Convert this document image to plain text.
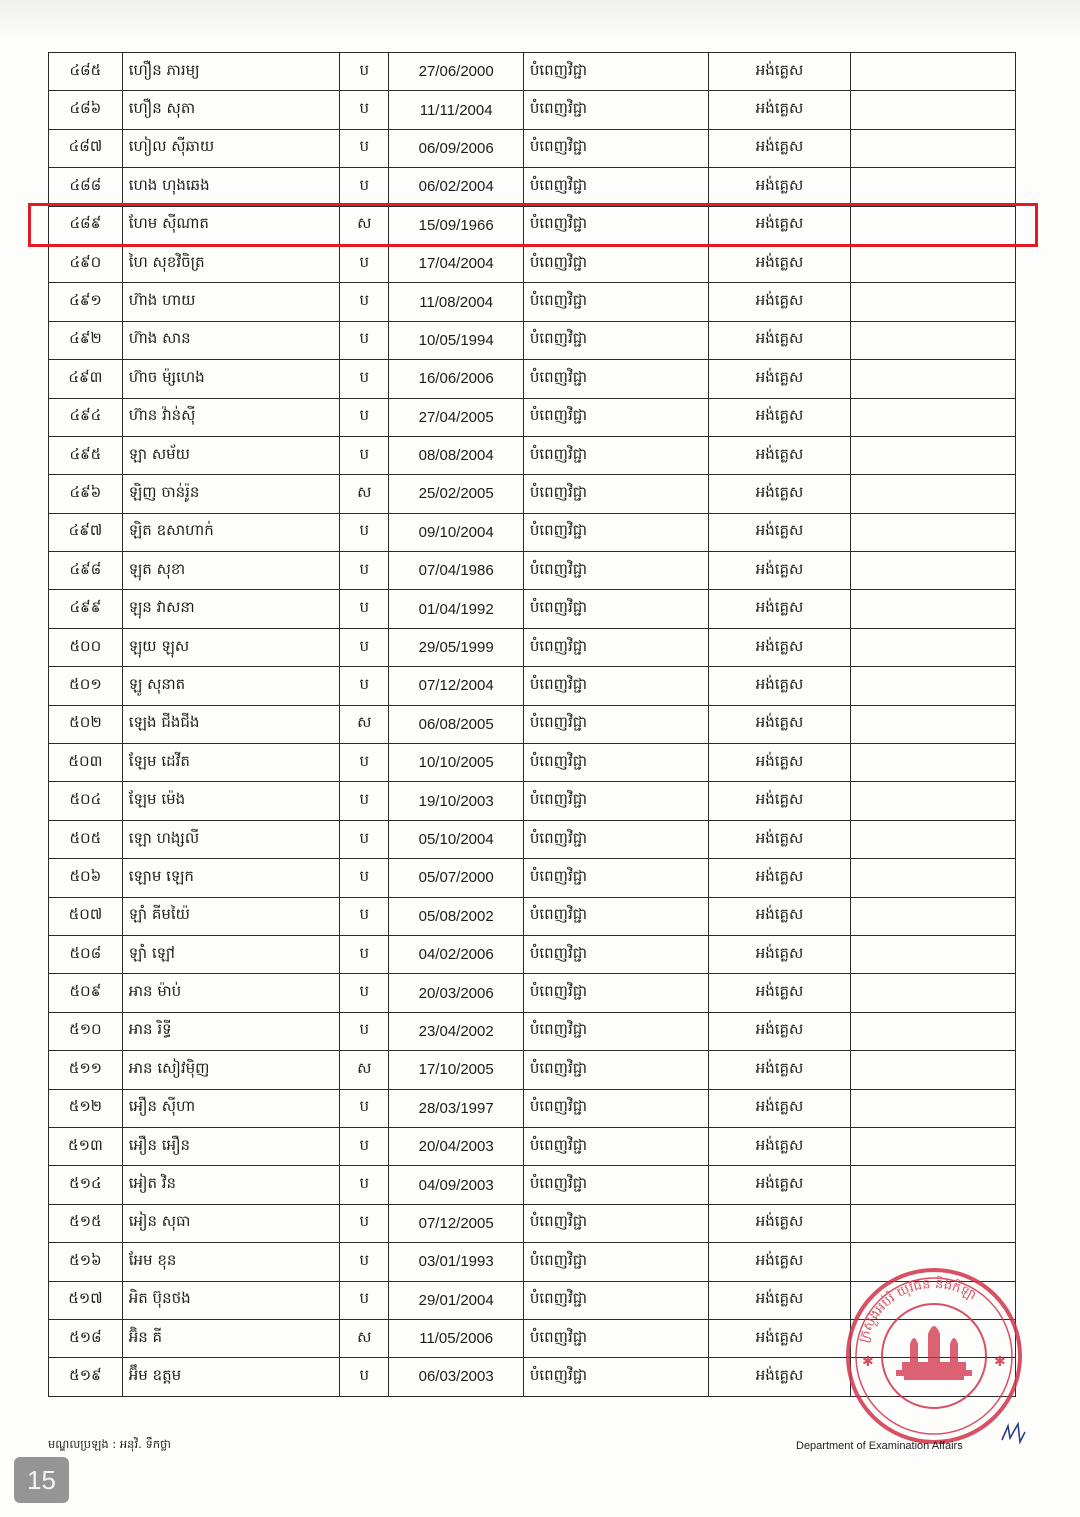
៤៨៥	ហឿន ភារម្យ	ប	27/06/2000	បំពេញវិជ្ជា	អង់គ្លេស	
៤៨៦	ហឿន សុតា	ប	11/11/2004	បំពេញវិជ្ជា	អង់គ្លេស	
៤៨៧	ហៀល ស៊ីឆាយ	ប	06/09/2006	បំពេញវិជ្ជា	អង់គ្លេស	
៤៨៨	ហេង ហុងឆេង	ប	06/02/2004	បំពេញវិជ្ជា	អង់គ្លេស	
៤៨៩	ហែម ស៊ីណាត	ស	15/09/1966	បំពេញវិជ្ជា	អង់គ្លេស	
៤៩០	ហៃ សុខវិចិត្រ	ប	17/04/2004	បំពេញវិជ្ជា	អង់គ្លេស	
៤៩១	ហ៊ាង ហាយ	ប	11/08/2004	បំពេញវិជ្ជា	អង់គ្លេស	
៤៩២	ហ៊ាង សាន	ប	10/05/1994	បំពេញវិជ្ជា	អង់គ្លេស	
៤៩៣	ហ៊ាច ម៉្សហេង	ប	16/06/2006	បំពេញវិជ្ជា	អង់គ្លេស	
៤៩៤	ហ៊ាន វ៉ាន់ស៊ី	ប	27/04/2005	បំពេញវិជ្ជា	អង់គ្លេស	
៤៩៥	ឡា សម័យ	ប	08/08/2004	បំពេញវិជ្ជា	អង់គ្លេស	
៤៩៦	ឡិញ ចាន់រ៉ូន	ស	25/02/2005	បំពេញវិជ្ជា	អង់គ្លេស	
៤៩៧	ឡិត ឧសាហាក់	ប	09/10/2004	បំពេញវិជ្ជា	អង់គ្លេស	
៤៩៨	ឡុត សុខា	ប	07/04/1986	បំពេញវិជ្ជា	អង់គ្លេស	
៤៩៩	ឡុន វាសនា	ប	01/04/1992	បំពេញវិជ្ជា	អង់គ្លេស	
៥០០	ឡុយ ឡុស	ប	29/05/1999	បំពេញវិជ្ជា	អង់គ្លេស	
៥០១	ឡូ សុនាត	ប	07/12/2004	បំពេញវិជ្ជា	អង់គ្លេស	
៥០២	ឡេង ជីងជីង	ស	06/08/2005	បំពេញវិជ្ជា	អង់គ្លេស	
៥០៣	ឡែម ដេវីត	ប	10/10/2005	បំពេញវិជ្ជា	អង់គ្លេស	
៥០៤	ឡែម ម៉េង	ប	19/10/2003	បំពេញវិជ្ជា	អង់គ្លេស	
៥០៥	ឡោ ហង្សលី	ប	05/10/2004	បំពេញវិជ្ជា	អង់គ្លេស	
៥០៦	ឡោម ឡេក	ប	05/07/2000	បំពេញវិជ្ជា	អង់គ្លេស	
៥០៧	ឡាំ គីមយ៉ៃ	ប	05/08/2002	បំពេញវិជ្ជា	អង់គ្លេស	
៥០៨	ឡាំ ឡៅ	ប	04/02/2006	បំពេញវិជ្ជា	អង់គ្លេស	
៥០៩	អាន ម៉ាប់	ប	20/03/2006	បំពេញវិជ្ជា	អង់គ្លេស	
៥១០	អាន រិទ្ធី	ប	23/04/2002	បំពេញវិជ្ជា	អង់គ្លេស	
៥១១	អាន សៀវម៉ិញ	ស	17/10/2005	បំពេញវិជ្ជា	អង់គ្លេស	
៥១២	អឿន ស៊ីហា	ប	28/03/1997	បំពេញវិជ្ជា	អង់គ្លេស	
៥១៣	អឿន អឿន	ប	20/04/2003	បំពេញវិជ្ជា	អង់គ្លេស	
៥១៤	អៀត វិន	ប	04/09/2003	បំពេញវិជ្ជា	អង់គ្លេស	
៥១៥	អៀន សុធា	ប	07/12/2005	បំពេញវិជ្ជា	អង់គ្លេស	
៥១៦	អែម ខុន	ប	03/01/1993	បំពេញវិជ្ជា	អង់គ្លេស	
៥១៧	អិត ប៊ុនថង	ប	29/01/2004	បំពេញវិជ្ជា	អង់គ្លេស	
៥១៨	អ៊ិន គី	ស	11/05/2006	បំពេញវិជ្ជា	អង់គ្លេស	
៥១៩	អ៊ឹម ឧត្តម	ប	06/03/2003	បំពេញវិជ្ជា	អង់គ្លេស	
ក្រសួងអប់រំ យុវជន និងកីឡា
✱	✱
មណ្ឌលប្រឡង : អនុវិ. ទឹកថ្លា	Department of Examination Affairs
15
